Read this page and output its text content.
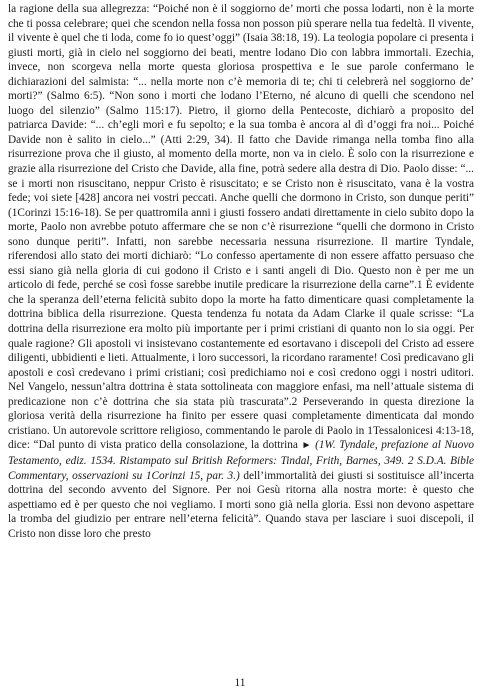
la ragione della sua allegrezza: “Poiché non è il soggiorno de’ morti che possa lodarti, non è la morte che ti possa celebrare; quei che scendon nella fossa non posson più sperare nella tua fedeltà. Il vivente, il vivente è quel che ti loda, come fo io quest’oggi” (Isaia 38:18, 19). La teologia popolare ci presenta i giusti morti, già in cielo nel soggiorno dei beati, mentre lodano Dio con labbra immortali. Ezechia, invece, non scorgeva nella morte questa gloriosa prospettiva e le sue parole confermano le dichiarazioni del salmista: “... nella morte non c’è memoria di te; chi ti celebrerà nel soggiorno de’ morti?” (Salmo 6:5). “Non sono i morti che lodano l’Eterno, né alcuno di quelli che scendono nel luogo del silenzio” (Salmo 115:17). Pietro, il giorno della Pentecoste, dichiarò a proposito del patriarca Davide: “... ch’egli morì e fu sepolto; e la sua tomba è ancora al dì d’oggi fra noi... Poiché Davide non è salito in cielo...” (Atti 2:29, 34). Il fatto che Davide rimanga nella tomba fino alla risurrezione prova che il giusto, al momento della morte, non va in cielo. È solo con la risurrezione e grazie alla risurrezione del Cristo che Davide, alla fine, potrà sedere alla destra di Dio. Paolo disse: “... se i morti non risuscitano, neppur Cristo è risuscitato; e se Cristo non è risuscitato, vana è la vostra fede; voi siete [428] ancora nei vostri peccati. Anche quelli che dormono in Cristo, son dunque periti” (1Corinzi 15:16-18). Se per quattromila anni i giusti fossero andati direttamente in cielo subito dopo la morte, Paolo non avrebbe potuto affermare che se non c’è risurrezione “quelli che dormono in Cristo sono dunque periti”. Infatti, non sarebbe necessaria nessuna risurrezione. Il martire Tyndale, riferendosi allo stato dei morti dichiarò: “Lo confesso apertamente di non essere affatto persuaso che essi siano già nella gloria di cui godono il Cristo e i santi angeli di Dio. Questo non è per me un articolo di fede, perché se così fosse sarebbe inutile predicare la risurrezione della carne”.1 È evidente che la speranza dell’eterna felicità subito dopo la morte ha fatto dimenticare quasi completamente la dottrina biblica della risurrezione. Questa tendenza fu notata da Adam Clarke il quale scrisse: “La dottrina della risurrezione era molto più importante per i primi cristiani di quanto non lo sia oggi. Per quale ragione? Gli apostoli vi insistevano costantemente ed esortavano i discepoli del Cristo ad essere diligenti, ubbidienti e lieti. Attualmente, i loro successori, la ricordano raramente! Così predicavano gli apostoli e così credevano i primi cristiani; così predichiamo noi e così credono oggi i nostri uditori. Nel Vangelo, nessun’altra dottrina è stata sottolineata con maggiore enfasi, ma nell’attuale sistema di predicazione non c’è dottrina che sia stata più trascurata”.2 Perseverando in questa direzione la gloriosa verità della risurrezione ha finito per essere quasi completamente dimenticata dal mondo cristiano. Un autorevole scrittore religioso, commentando le parole di Paolo in 1Tessalonicesi 4:13-18, dice: “Dal punto di vista pratico della consolazione, la dottrina ► (1W. Tyndale, prefazione al Nuovo Testamento, ediz. 1534. Ristampato sul British Reformers: Tindal, Frith, Barnes, 349. 2 S.D.A. Bible Commentary, osservazioni su 1Corinzi 15, par. 3.) dell’immortalità dei giusti si sostituisce all’incerta dottrina del secondo avvento del Signore. Per noi Gesù ritorna alla nostra morte: è questo che aspettiamo ed è per questo che noi vegliamo. I morti sono già nella gloria. Essi non devono aspettare la tromba del giudizio per entrare nell’eterna felicità”. Quando stava per lasciare i suoi discepoli, il Cristo non disse loro che presto

11
